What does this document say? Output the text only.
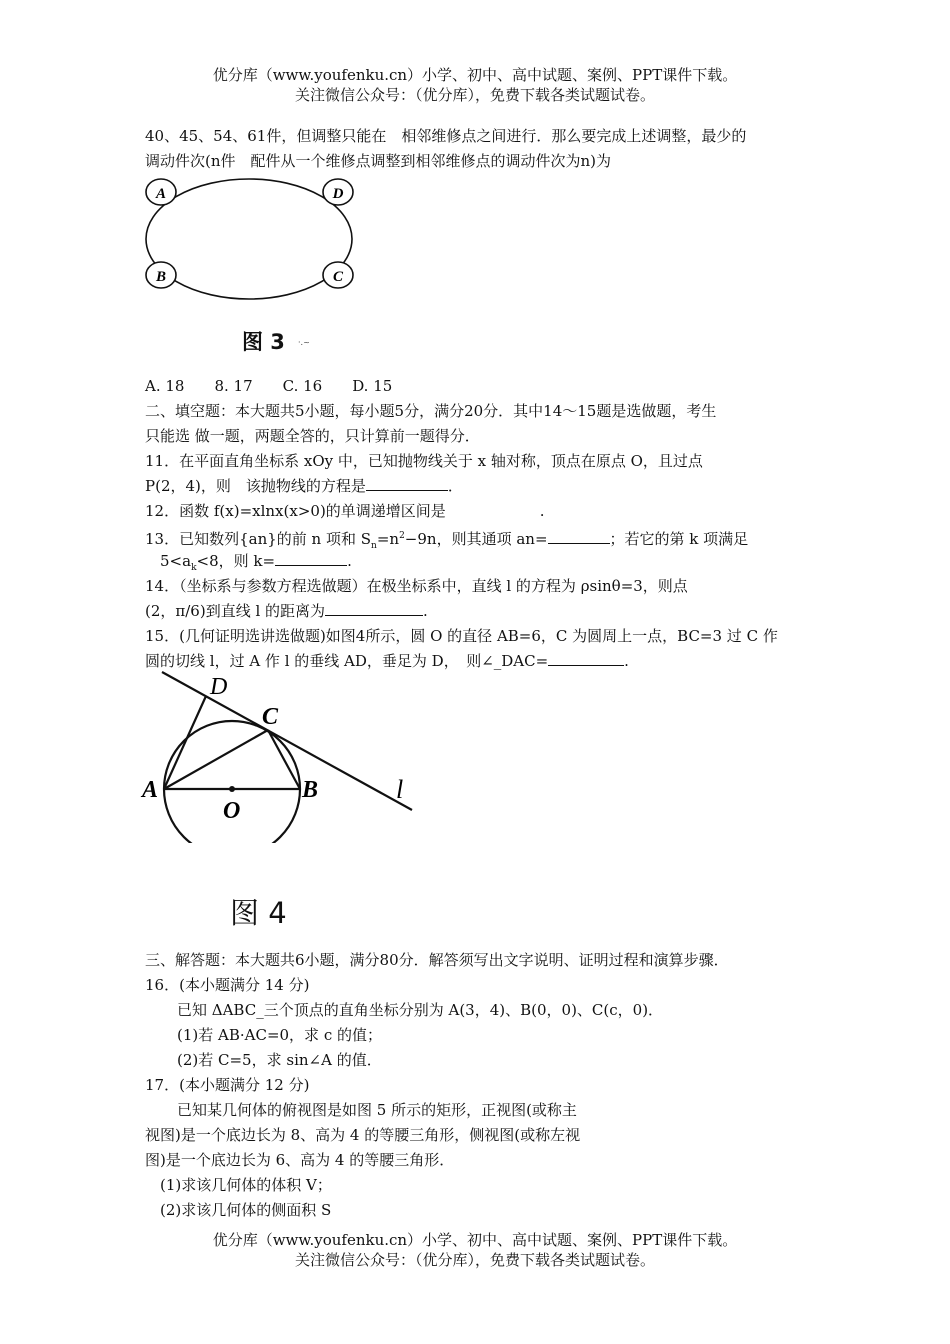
优分库（www.youfenku.cn）小学、初中、高中试题、案例、PPT课件下载。
关注微信公众号：（优分库），免费下载各类试题试卷。
40、45、54、61件，但调整只能在　相邻维修点之间进行．那么要完成上述调整，最少的
调动件次(n件　配件从一个维修点调整到相邻维修点的调动件次为n)为
A	D
B	C
图 3 ·.~
A. 18　　8. 17　　C. 16　　D. 15
二、填空题：本大题共5小题，每小题5分，满分20分．其中14～15题是选做题，考生
只能选 做一题，两题全答的，只计算前一题得分．
11．在平面直角坐标系 xOy 中，已知抛物线关于 x 轴对称，顶点在原点 O，且过点
P(2，4)，则　该抛物线的方程是	．
12．函数 f(x)=xlnx(x>0)的单调递增区间是	.
13．已知数列{an}的前 n 项和 $S_n=n^2-9n$，则其通项 an=	；若它的第 k 项满足
$5<a_k<8$，则 k=	.
14．（坐标系与参数方程选做题）在极坐标系中，直线 l 的方程为 ρsinθ=3，则点
(2，π/6)到直线 l 的距离为	.
15．(几何证明选讲选做题)如图4所示，圆 O 的直径 AB=6，C 为圆周上一点，BC=3 过 C 作
圆的切线 l，过 A 作 l 的垂线 AD，垂足为 D，　则∠_DAC=	.
D
C
A
O
B	l
图 4
三、解答题：本大题共6小题，满分80分．解答须写出文字说明、证明过程和演算步骤．
16．(本小题满分 14 分)
已知 ΔABC_三个顶点的直角坐标分别为 A(3，4)、B(0，0)、C(c，0)．
(1)若 AB·AC=0，求 c 的值；
(2)若 C=5，求 sin∠A 的值．
17．(本小题满分 12 分)
已知某几何体的俯视图是如图 5 所示的矩形，正视图(或称主
视图)是一个底边长为 8、高为 4 的等腰三角形，侧视图(或称左视
图)是一个底边长为 6、高为 4 的等腰三角形．
(1)求该几何体的体积 V；
(2)求该几何体的侧面积 S
优分库（www.youfenku.cn）小学、初中、高中试题、案例、PPT课件下载。
关注微信公众号：（优分库），免费下载各类试题试卷。
